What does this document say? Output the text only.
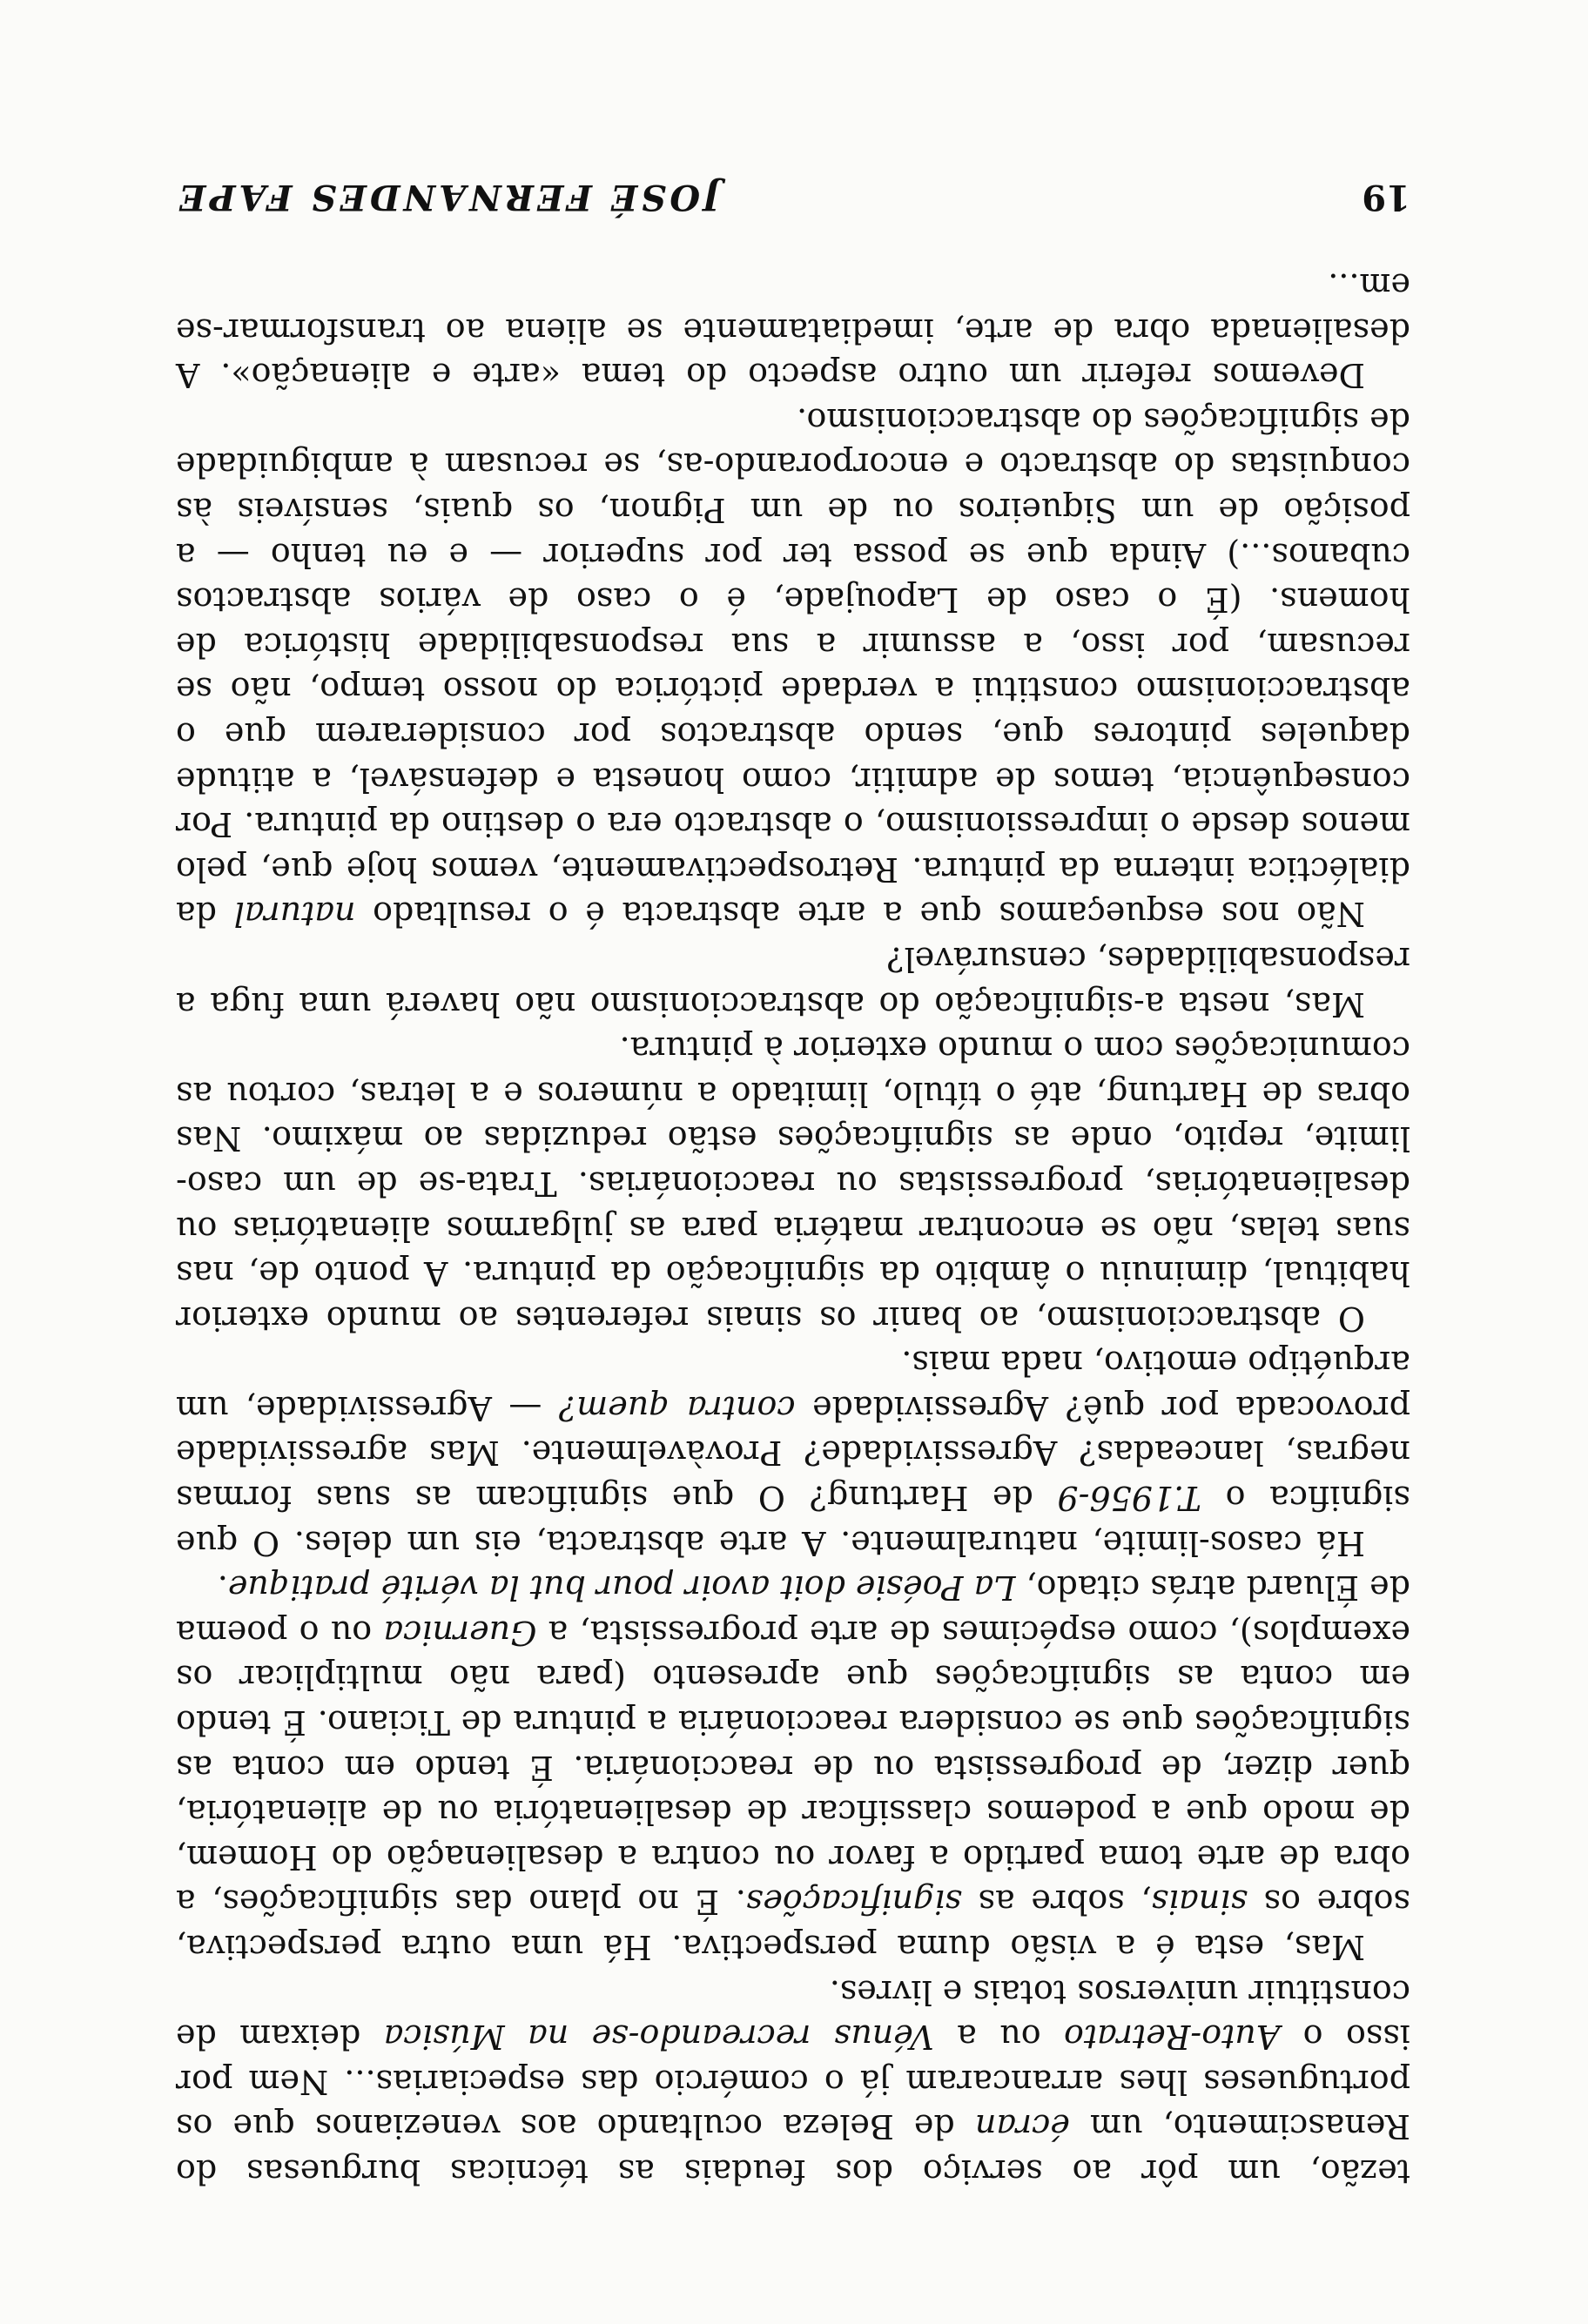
19
JOSÉ FERNANDES FAPE

tezão, um pôr ao serviço dos feudais as técnicas burguesas do Renascimento, um écran de Beleza ocultando aos venezianos que os portugueses lhes arrancaram já o comércio das especiarias... Nem por isso o Auto-Retrato ou a Vénus recreando-se na Música deixam de constituir universos totais e livres.

Mas, esta é a visão duma perspectiva. Há uma outra perspectiva, sobre os sinais, sobre as significações. É no plano das significações, a obra de arte toma partido a favor ou contra a desalienação do Homem, de modo que a podemos classificar de desalienatória ou de alienatória, quer dizer, de progressista ou de reaccionária. É tendo em conta as significações que se considera reaccionária a pintura de Ticiano. É tendo em conta as significações que apresento (para não multiplicar os exemplos), como espécimes de arte progressista, a Guernica ou o poema de Éluard atrás citado, La Poésie doit avoir pour but la vérité pratique.

Há casos-limite, naturalmente. A arte abstracta, eis um deles. O que significa o T.1956-9 de Hartung? O que significam as suas formas negras, lanceadas? Agressividade? Provàvelmente. Mas agressividade provocada por quê? Agressividade contra quem? — Agressividade, um arquétipo emotivo, nada mais.

O abstraccionismo, ao banir os sinais referentes ao mundo exterior habitual, diminuiu o âmbito da significação da pintura. A ponto de, nas suas telas, não se encontrar matéria para as julgarmos alienatórias ou desalienatórias, progressistas ou reaccionárias. Trata-se de um caso-limite, repito, onde as significações estão reduzidas ao máximo. Nas obras de Hartung, até o título, limitado a números e a letras, cortou as comunicações com o mundo exterior à pintura.

Mas, nesta a-significação do abstraccionismo não haverá uma fuga a responsabilidades, censurável?

Não nos esqueçamos que a arte abstracta é o resultado natural da dialéctica interna da pintura. Retrospectivamente, vemos hoje que, pelo menos desde o impressionismo, o abstracto era o destino da pintura. Por consequência, temos de admitir, como honesta e defensável, a atitude daqueles pintores que, sendo abstractos por considerarem que o abstraccionismo constitui a verdade pictórica do nosso tempo, não se recusam, por isso, a assumir a sua responsabilidade histórica de homens. (É o caso de Lapoujade, é o caso de vários abstractos cubanos...) Ainda que se possa ter por superior — e eu tenho — a posição de um Siqueiros ou de um Pignon, os quais, sensíveis às conquistas do abstracto e encorporando-as, se recusam à ambiguidade de significações do abstraccionismo.

Devemos referir um outro aspecto do tema «arte e alienação». A desalienada obra de arte, imediatamente se aliena ao transformar-se em...
